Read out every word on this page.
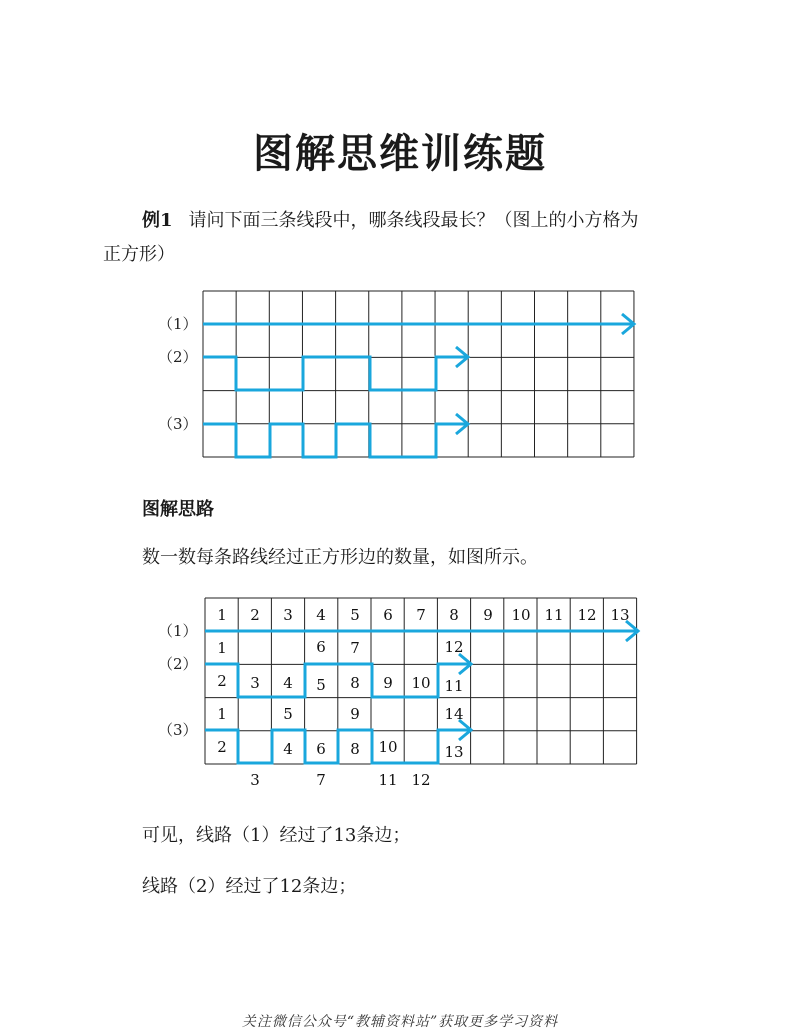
图解思维训练题

例1 请问下面三条线段中，哪条线段最长？（图上的小方格为

正方形）

（1）
（2）
（3）

图解思路

数一数每条路线经过正方形边的数量，如图所示。

（1）
（2）
（3）
1 2 3 4 5 6 7 8 9 10 11 12 13
1	6 7	12
2 3 4 5 8 9 10 11
1	5	9	14
2	4 6 8 10	13
3	7	11 12

可见，线路（1）经过了13条边；

线路（2）经过了12条边；

关注微信公众号“教辅资料站”获取更多学习资料
